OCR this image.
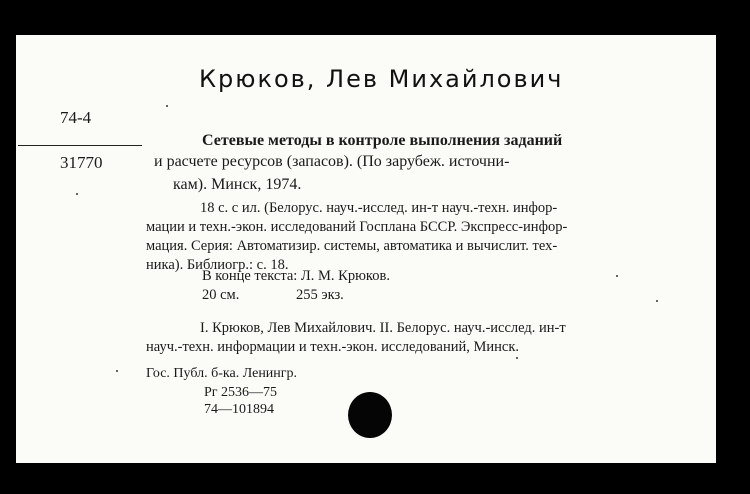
Крюков, Лев Михайлович
74-4
31770
Сетевые методы в контроле выполнения заданий
и расчете ресурсов (запасов). (По зарубеж. источни-
кам). Минск, 1974.
18 с. с ил. (Белорус. науч.-исслед. ин-т науч.-техн. инфор-
мации и техн.-экон. исследований Госплана БССР. Экспресс-инфор-
мация. Серия: Автоматизир. системы, автоматика и вычислит. тех-
ника). Библиогр.: с. 18.
В конце текста: Л. М. Крюков.
20 см.	255 экз.
I. Крюков, Лев Михайлович. II. Белорус. науч.-исслед. ин-т
науч.-техн. информации и техн.-экон. исследований, Минск.
Гос. Публ. б-ка. Ленингр.
Рг 2536—75
74—101894
